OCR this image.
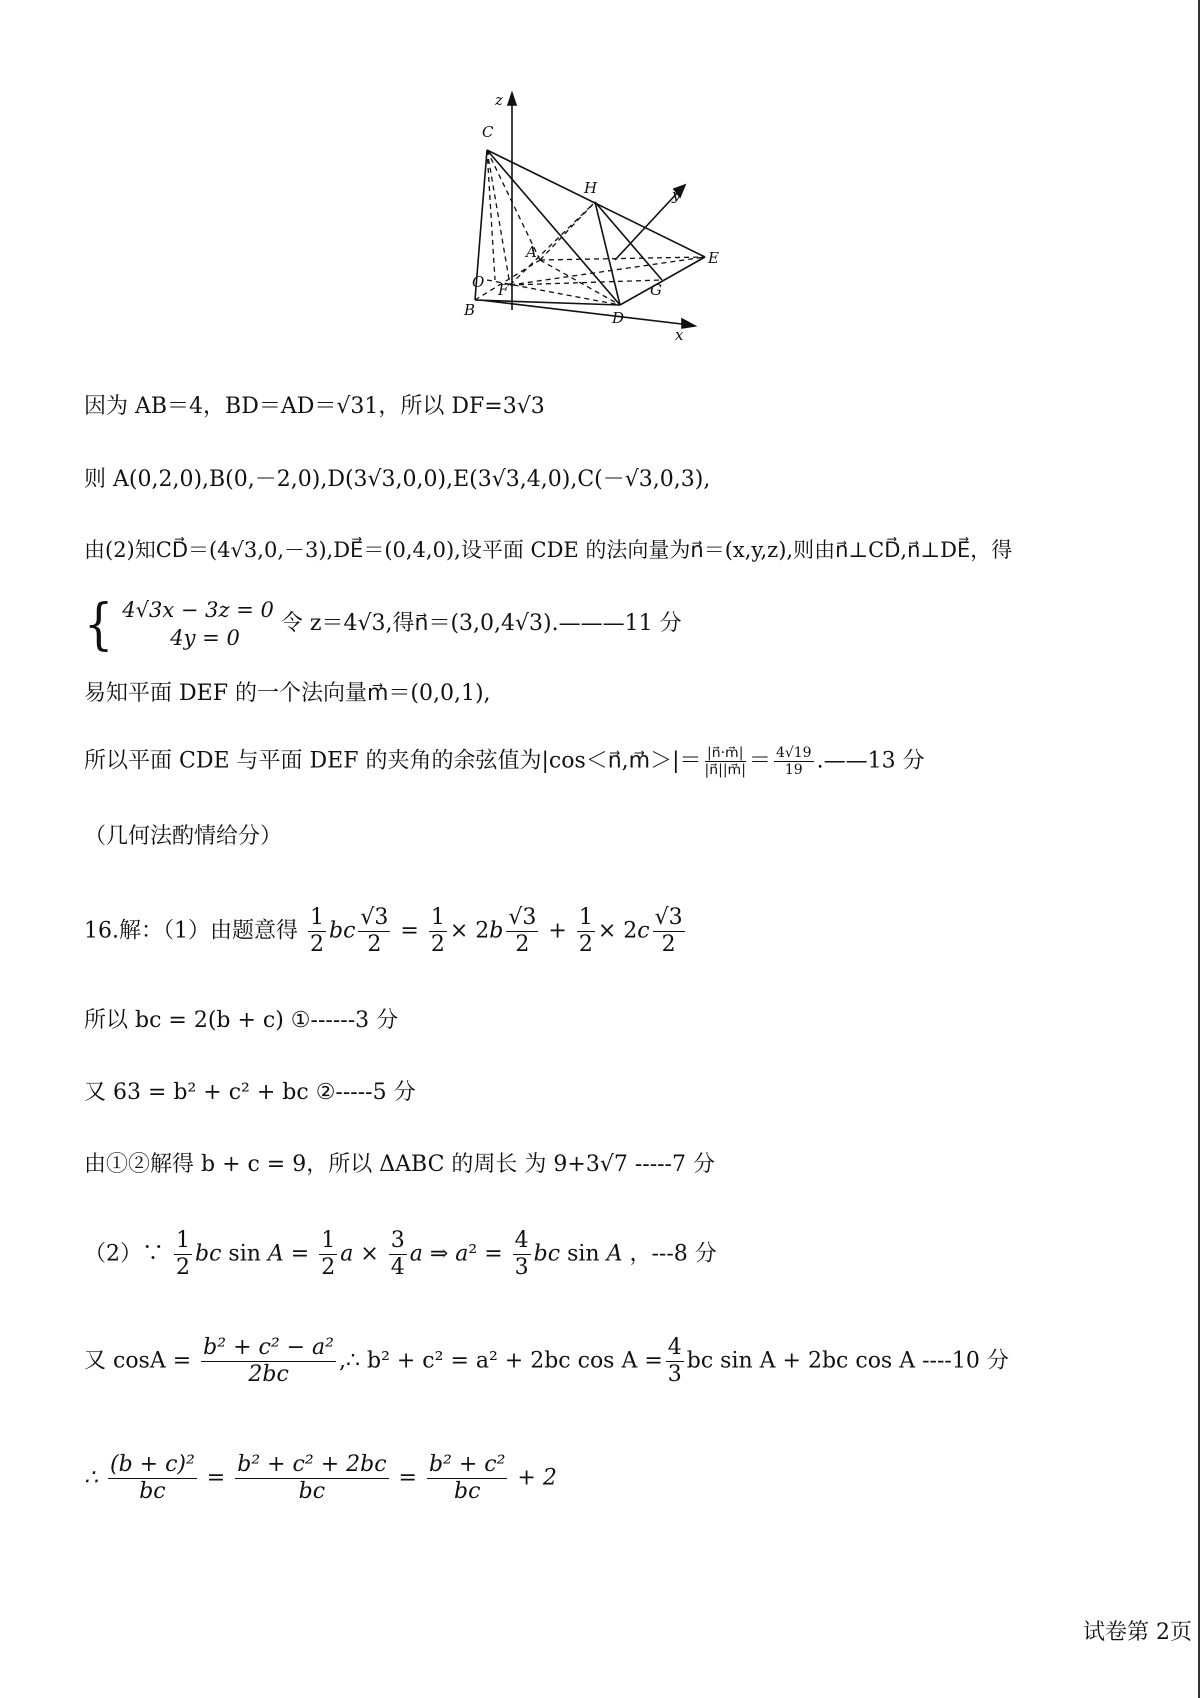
z
y
x
C
H
A	E
O F	G
B	D
因为 AB＝4，BD＝AD＝√31，所以 DF=3√3
则 A(0,2,0),B(0,－2,0),D(3√3,0,0),E(3√3,4,0),C(－√3,0,3),
由(2)知CD⃗＝(4√3,0,－3),DE⃗＝(0,4,0),设平面 CDE 的法向量为n⃗＝(x,y,z),则由n⃗⊥CD⃗,n⃗⊥DE⃗，得
{ 4√3x − 3z = 0
4y = 0
令 z＝4√3,得n⃗＝(3,0,4√3).———11 分
易知平面 DEF 的一个法向量m⃗＝(0,0,1),
所以平面 CDE 与平面 DEF 的夹角的余弦值为|cos＜n⃗,m⃗＞|＝ $\frac{|n⃗\cdot m⃗|}{|n⃗||m⃗|} = \frac{4√19}{19}$ .——13 分
（几何法酌情给分）
16.解：（1）由题意得 $\frac{1}{2}$ bc $\frac{√3}{2} = \frac{1}{2} \times 2b \frac{√3}{2} + \frac{1}{2} \times 2c \frac{√3}{2}$
所以 bc = 2(b + c) ①------3 分
又 63 = b² + c² + bc ②-----5 分
由①②解得 b + c = 9，所以 ΔABC 的周长 为 9+3√7 -----7 分
（2）∵ $\frac{1}{2}$ bc $\sin A = \frac{1}{2}$ $a \times \frac{3}{4}$ a ⇒ $a^2 = \frac{4}{3}$ bc sin A ，---8 分
又 $\cos A = \frac{\text{b² + c² − a²}}{2bc}$ ,∴ b² + c² = a² + 2bc $\cos A = \frac{4}{3}$ bc sin A + 2bc cos A ----10 分
∴ $\frac{\text{(b + c)²}}{bc} = \frac{\text{b² + c² + 2bc}}{bc} = \frac{\text{b² + c²}}{bc} + 2$
试卷第 2页
